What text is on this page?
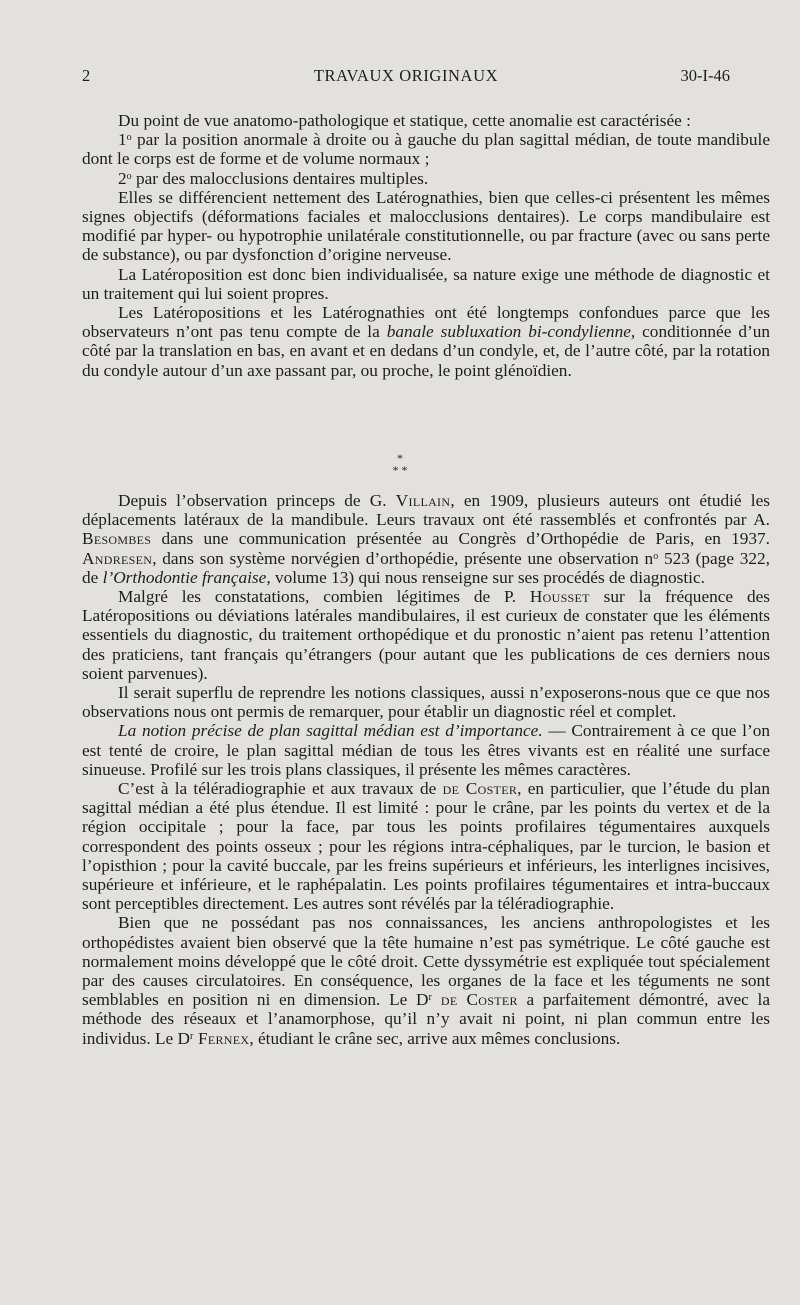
2	TRAVAUX ORIGINAUX	30-I-46

Du point de vue anatomo-pathologique et statique, cette anomalie est caractérisée :

1$^o$ par la position anormale à droite ou à gauche du plan sagittal médian, de toute mandibule dont le corps est de forme et de volume normaux ;

2$^o$ par des malocclusions dentaires multiples.

Elles se différencient nettement des Latérognathies, bien que celles-ci présentent les mêmes signes objectifs (déformations faciales et malocclusions dentaires). Le corps mandibulaire est modifié par hyper- ou hypotrophie unilatérale constitutionnelle, ou par fracture (avec ou sans perte de substance), ou par dysfonction d’origine nerveuse.

La Latéroposition est donc bien individualisée, sa nature exige une méthode de diagnostic et un traitement qui lui soient propres.

Les Latéropositions et les Latérognathies ont été longtemps confondues parce que les observateurs n’ont pas tenu compte de la banale subluxation bi-condylienne, conditionnée d’un côté par la translation en bas, en avant et en dedans d’un condyle, et, de l’autre côté, par la rotation du condyle autour d’un axe passant par, ou proche, le point glénoïdien.

*
* *

Depuis l’observation princeps de G. Villain, en 1909, plusieurs auteurs ont étudié les déplacements latéraux de la mandibule. Leurs travaux ont été rassemblés et confrontés par A. Besombes dans une communication présentée au Congrès d’Orthopédie de Paris, en 1937. Andresen, dans son système norvégien d’orthopédie, présente une observation $n^o$ 523 (page 322, de l’Orthodontie française, volume 13) qui nous renseigne sur ses procédés de diagnostic.

Malgré les constatations, combien légitimes de P. Housset sur la fréquence des Latéropositions ou déviations latérales mandibulaires, il est curieux de constater que les éléments essentiels du diagnostic, du traitement orthopédique et du pronostic n’aient pas retenu l’attention des praticiens, tant français qu’étrangers (pour autant que les publications de ces derniers nous soient parvenues).

Il serait superflu de reprendre les notions classiques, aussi n’exposerons-nous que ce que nos observations nous ont permis de remarquer, pour établir un diagnostic réel et complet.

La notion précise de plan sagittal médian est d’importance. — Contrairement à ce que l’on est tenté de croire, le plan sagittal médian de tous les êtres vivants est en réalité une surface sinueuse. Profilé sur les trois plans classiques, il présente les mêmes caractères.

C’est à la téléradiographie et aux travaux de de Coster, en particulier, que l’étude du plan sagittal médian a été plus étendue. Il est limité : pour le crâne, par les points du vertex et de la région occipitale ; pour la face, par tous les points profilaires tégumentaires auxquels correspondent des points osseux ; pour les régions intra-céphaliques, par le turcion, le basion et l’opisthion ; pour la cavité buccale, par les freins supérieurs et inférieurs, les interlignes incisives, supérieure et inférieure, et le raphépalatin. Les points profilaires tégumentaires et intra-buccaux sont perceptibles directement. Les autres sont révélés par la téléradiographie.

Bien que ne possédant pas nos connaissances, les anciens anthropologistes et les orthopédistes avaient bien observé que la tête humaine n’est pas symétrique. Le côté gauche est normalement moins développé que le côté droit. Cette dyssymétrie est expliquée tout spécialement par des causes circulatoires. En conséquence, les organes de la face et les téguments ne sont semblables en position ni en dimension. Le $D^r$ de Coster a parfaitement démontré, avec la méthode des réseaux et l’anamorphose, qu’il n’y avait ni point, ni plan commun entre les individus. Le $D^r$ Fernex, étudiant le crâne sec, arrive aux mêmes conclusions.
